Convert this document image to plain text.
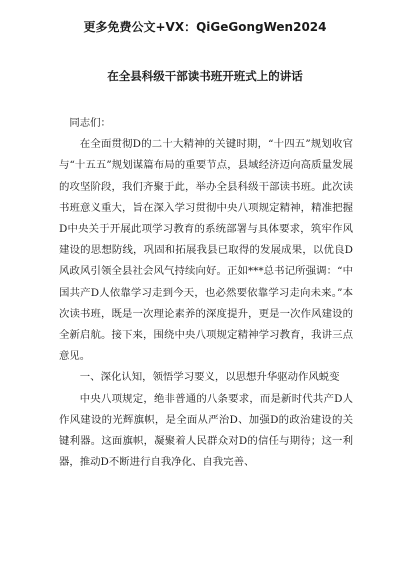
更多免费公文+VX：QiGeGongWen2024
在全县科级干部读书班开班式上的讲话

同志们：

在全面贯彻D的二十大精神的关键时期，“十四五”规划收官与“十五五”规划谋篇布局的重要节点，县域经济迈向高质量发展的攻坚阶段，我们齐聚于此，举办全县科级干部读书班。此次读书班意义重大，旨在深入学习贯彻中央八项规定精神，精准把握D中央关于开展此项学习教育的系统部署与具体要求，筑牢作风建设的思想防线，巩固和拓展我县已取得的发展成果，以优良D风政风引领全县社会风气持续向好。正如***总书记所强调：“中国共产D人依靠学习走到今天，也必然要依靠学习走向未来。”本次读书班，既是一次理论素养的深度提升，更是一次作风建设的全新启航。接下来，围绕中央八项规定精神学习教育，我讲三点意见。

一、深化认知，领悟学习要义，以思想升华驱动作风蜕变

中央八项规定，绝非普通的八条要求，而是新时代共产D人作风建设的光辉旗帜，是全面从严治D、加强D的政治建设的关键利器。这面旗帜，凝聚着人民群众对D的信任与期待；这一利器，推动D不断进行自我净化、自我完善、
